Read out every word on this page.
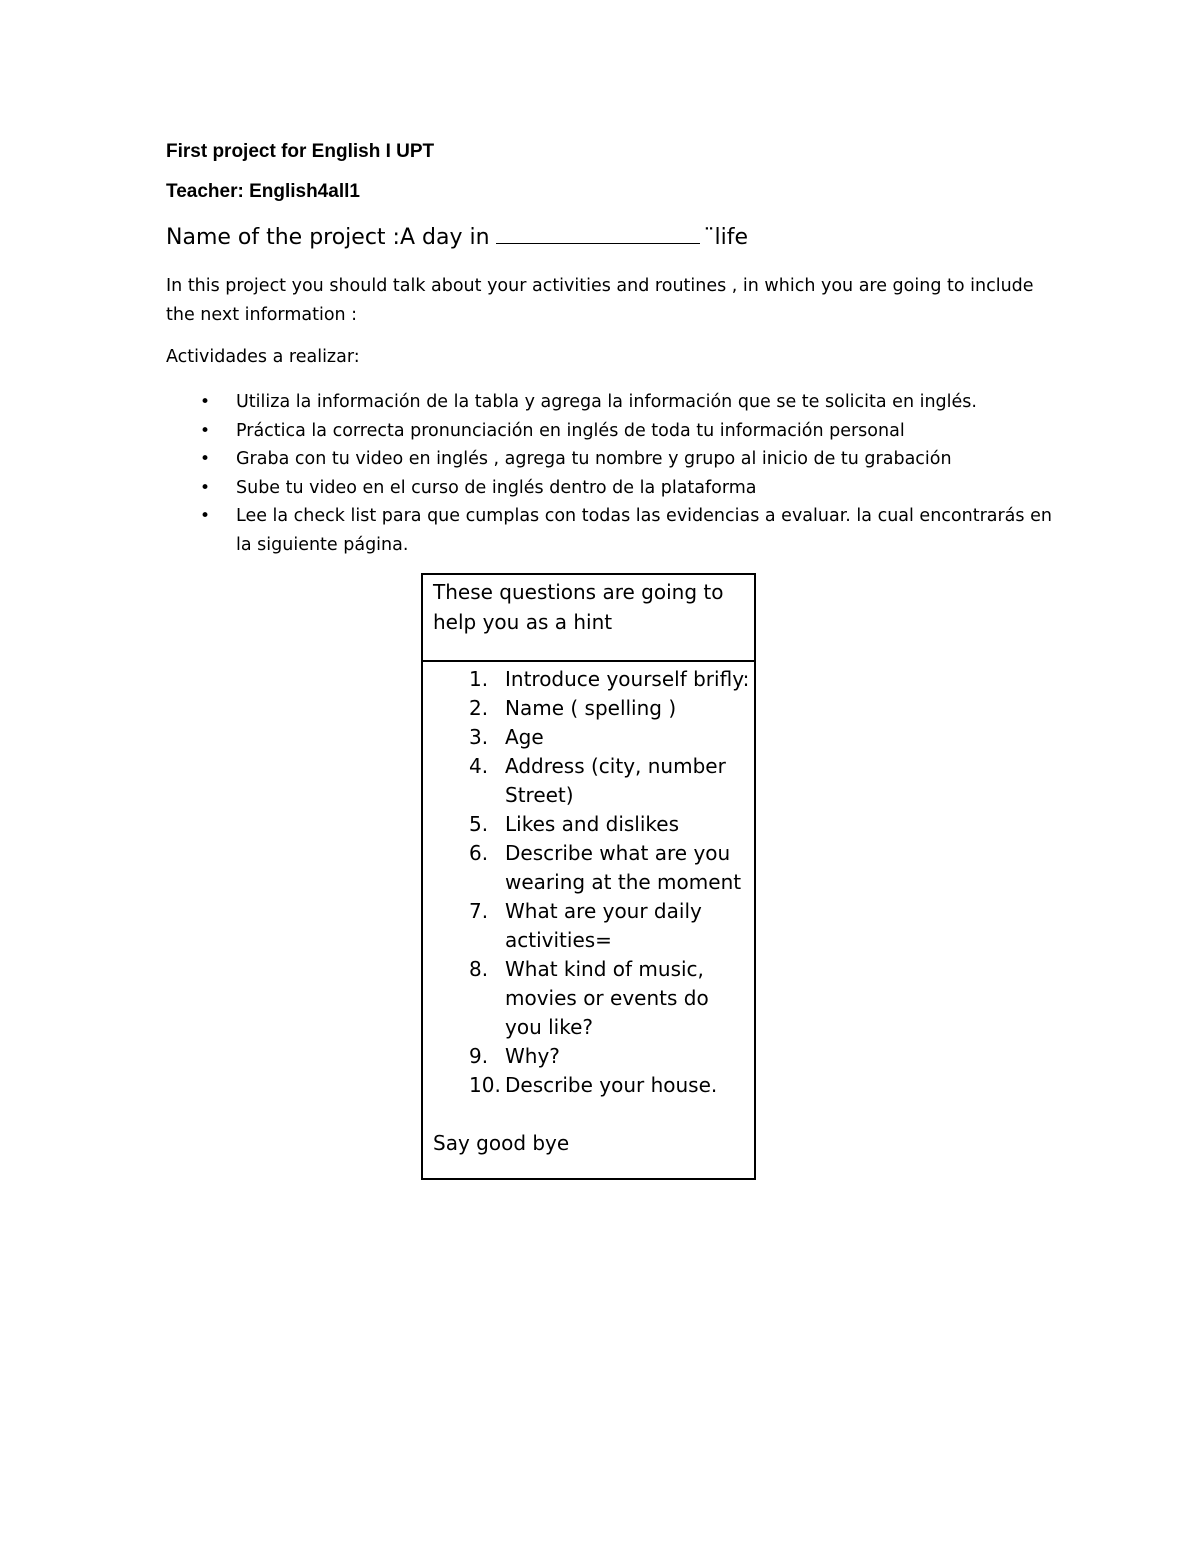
First project for English I UPT
Teacher: English4all1
Name of the project :A day in	¨life
In this project you should talk about your activities and routines , in which you are going to include the next information :
Actividades a realizar:
• Utiliza la información de la tabla y agrega la información que se te solicita en inglés.
• Práctica la correcta pronunciación en inglés de toda tu información personal
• Graba con tu video en inglés , agrega tu nombre y grupo al inicio de tu grabación
• Sube tu video en el curso de inglés dentro de la plataforma
• Lee la check list para que cumplas con todas las evidencias a evaluar. la cual encontrarás en la siguiente página.
These questions are going to help you as a hint
1. Introduce yourself brifly:
2. Name ( spelling )
3. Age
4. Address (city, number Street)
5. Likes and dislikes
6. Describe what are you wearing at the moment
7. What are your daily activities=
8. What kind of music, movies or events do you like?
9. Why?
10. Describe your house.
Say good bye
